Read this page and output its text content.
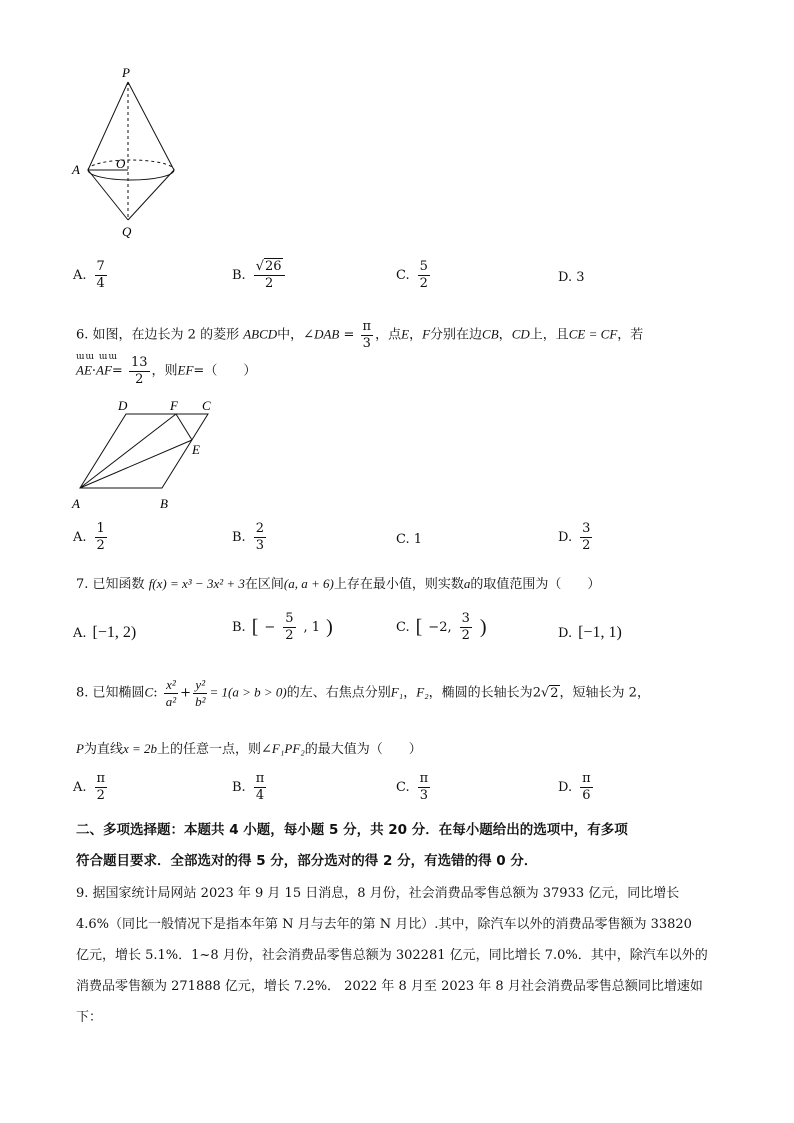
P
A	O
Q
A. $\frac{7}{4}$	B. $\frac{√26}{2}$	C. $\frac{5}{2}$	D. 3
6. 如图，在边长为 2 的菱形 ABCD中，∠DAB = $\frac{\pi}{3}$ ，点E，F分别在边CB，CD上，且CE = CF，若
ɯɯ ɯɯ
$AE\cdot AF= \frac{13}{2}$ ，则EF=（　　）
D	F C
E
A	B
A. $\frac{1}{2}$	B. $\frac{2}{3}$	C. 1	D. $\frac{3}{2}$
7. 已知函数 f(x) = x³ − 3x² + 3在区间(a, a + 6)上存在最小值，则实数a的取值范围为（　　）
A. [−1, 2)	B. [ − $\frac{5}{2}$ , 1 )	C. [ −2, $\frac{3}{2}$ )	D. [−1, 1)
8. 已知椭圆C: $\frac{\text{x²}}{\text{a²}} + \frac{\text{y²}}{\text{b²}} = 1(a > b > 0)$的左、右焦点分别F₁，F₂，椭圆的长轴长为2√2，短轴长为 2，
P为直线x = 2b上的任意一点，则∠F₁PF₂的最大值为（　　）
A. $\frac{\pi}{2}$	B. $\frac{\pi}{4}$	C. $\frac{\pi}{3}$	D. $\frac{\pi}{6}$
二、多项选择题：本题共 4 小题，每小题 5 分，共 20 分．在每小题给出的选项中，有多项
符合题目要求．全部选对的得 5 分，部分选对的得 2 分，有选错的得 0 分．
9. 据国家统计局网站 2023 年 9 月 15 日消息，8 月份，社会消费品零售总额为 37933 亿元，同比增长
4.6%（同比一般情况下是指本年第 N 月与去年的第 N 月比）.其中，除汽车以外的消费品零售额为 33820
亿元，增长 5.1%．1~8 月份，社会消费品零售总额为 302281 亿元，同比增长 7.0%．其中，除汽车以外的
消费品零售额为 271888 亿元，增长 7.2%． 2022 年 8 月至 2023 年 8 月社会消费品零售总额同比增速如
下：
